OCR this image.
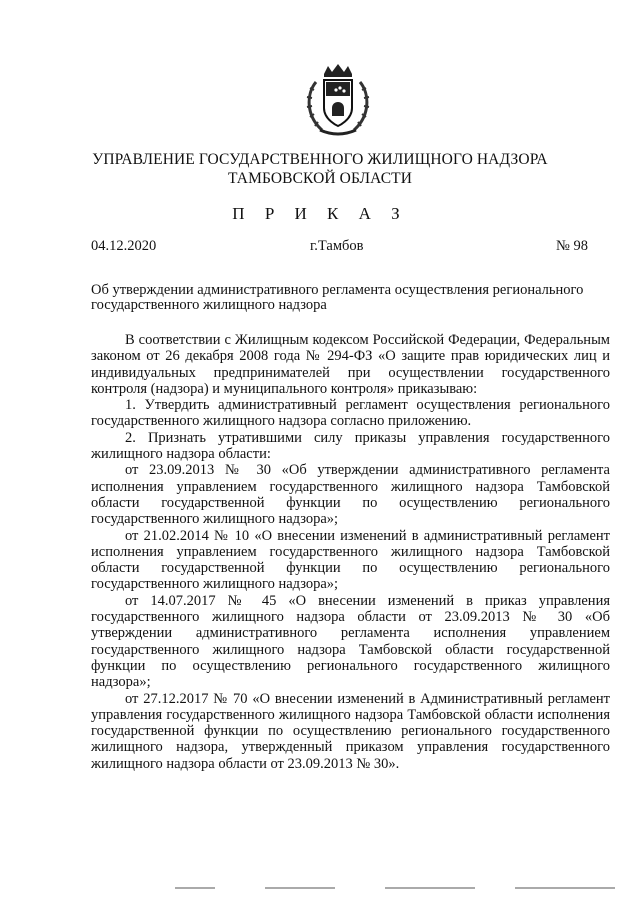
УПРАВЛЕНИЕ ГОСУДАРСТВЕННОГО ЖИЛИЩНОГО НАДЗОРА
ТАМБОВСКОЙ ОБЛАСТИ
П Р И К А З
04.12.2020	г.Тамбов	№ 98
Об утверждении административного регламента осуществления регионального государственного жилищного надзора

В соответствии с Жилищным кодексом Российской Федерации, Федеральным законом от 26 декабря 2008 года № 294-ФЗ «О защите прав юридических лиц и индивидуальных предпринимателей при осуществлении государственного контроля (надзора) и муниципального контроля» приказываю:

1. Утвердить административный регламент осуществления регионального государственного жилищного надзора согласно приложению.

2. Признать утратившими силу приказы управления государственного жилищного надзора области:

от 23.09.2013 № 30 «Об утверждении административного регламента исполнения управлением государственного жилищного надзора Тамбовской области государственной функции по осуществлению регионального государственного жилищного надзора»;

от 21.02.2014 № 10 «О внесении изменений в административный регламент исполнения управлением государственного жилищного надзора Тамбовской области государственной функции по осуществлению регионального государственного жилищного надзора»;

от 14.07.2017 № 45 «О внесении изменений в приказ управления государственного жилищного надзора области от 23.09.2013 № 30 «Об утверждении административного регламента исполнения управлением государственного жилищного надзора Тамбовской области государственной функции по осуществлению регионального государственного жилищного надзора»;

от 27.12.2017 № 70 «О внесении изменений в Административный регламент управления государственного жилищного надзора Тамбовской области исполнения государственной функции по осуществлению регионального государственного жилищного надзора, утвержденный приказом управления государственного жилищного надзора области от 23.09.2013 № 30».
